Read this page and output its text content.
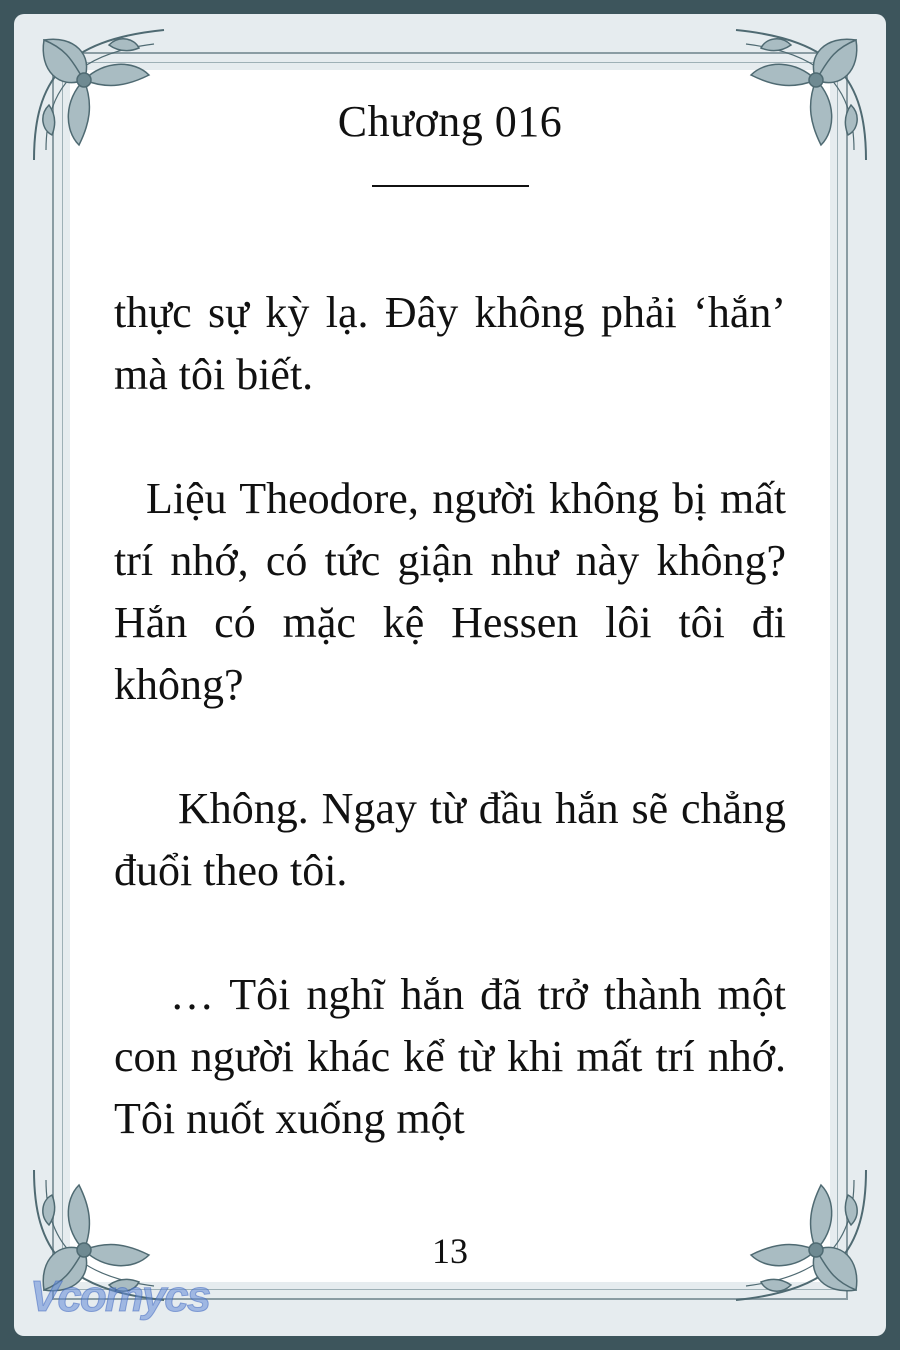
Chương 016

thực sự kỳ lạ. Đây không phải ‘hắn’ mà tôi biết.

Liệu Theodore, người không bị mất trí nhớ, có tức giận như này không? Hắn có mặc kệ Hessen lôi tôi đi không?

Không. Ngay từ đầu hắn sẽ chẳng đuổi theo tôi.

… Tôi nghĩ hắn đã trở thành một con người khác kể từ khi mất trí nhớ. Tôi nuốt xuống một

13
Vcomycs
